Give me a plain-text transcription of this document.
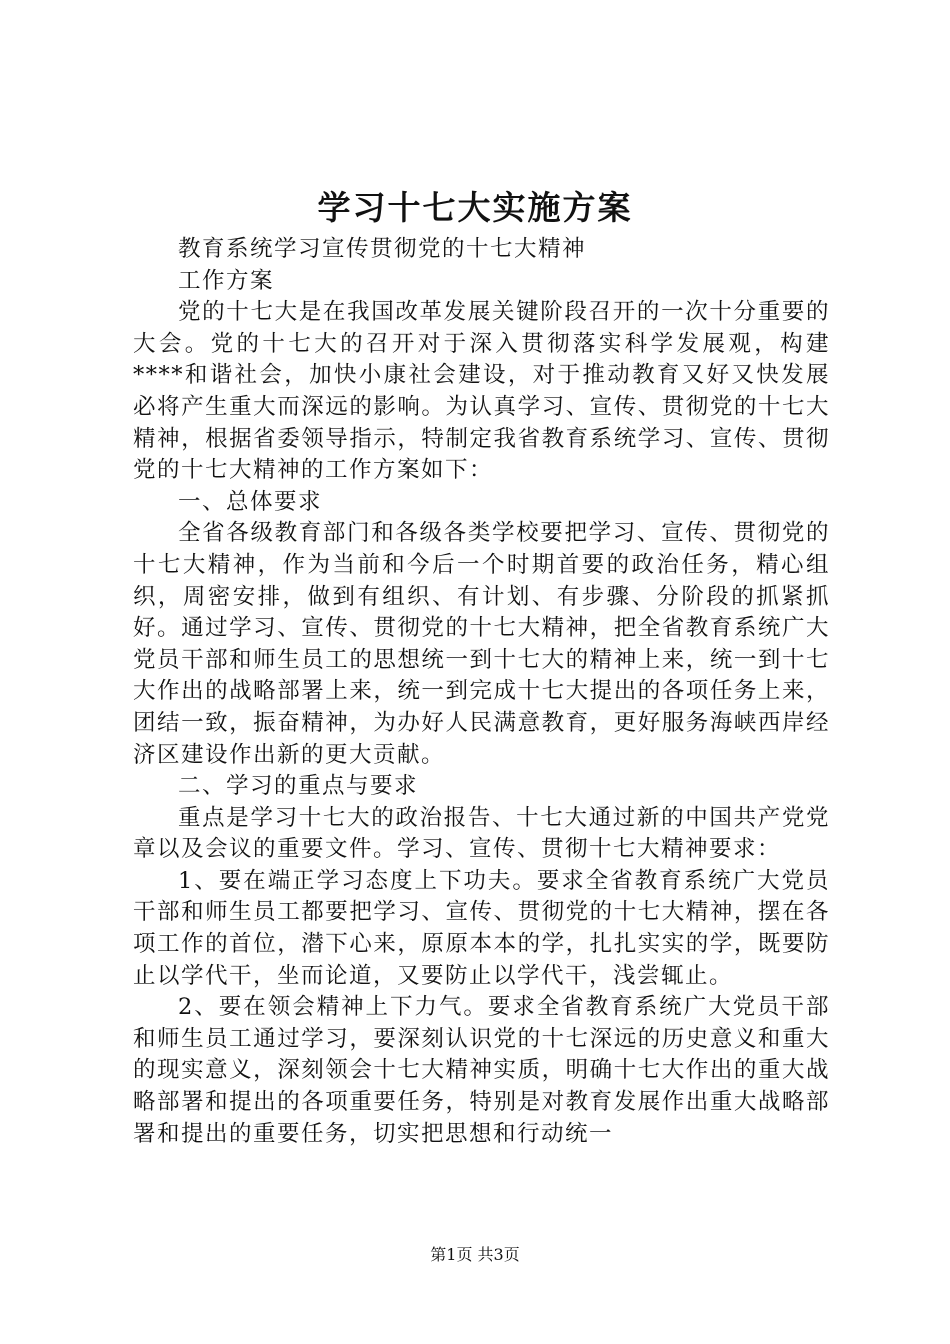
学习十七大实施方案

教育系统学习宣传贯彻党的十七大精神

工作方案

党的十七大是在我国改革发展关键阶段召开的一次十分重要的大会。党的十七大的召开对于深入贯彻落实科学发展观，构建****和谐社会，加快小康社会建设，对于推动教育又好又快发展必将产生重大而深远的影响。为认真学习、宣传、贯彻党的十七大精神，根据省委领导指示，特制定我省教育系统学习、宣传、贯彻党的十七大精神的工作方案如下：

一、总体要求

全省各级教育部门和各级各类学校要把学习、宣传、贯彻党的十七大精神，作为当前和今后一个时期首要的政治任务，精心组织，周密安排，做到有组织、有计划、有步骤、分阶段的抓紧抓好。通过学习、宣传、贯彻党的十七大精神，把全省教育系统广大党员干部和师生员工的思想统一到十七大的精神上来，统一到十七大作出的战略部署上来，统一到完成十七大提出的各项任务上来，团结一致，振奋精神，为办好人民满意教育，更好服务海峡西岸经济区建设作出新的更大贡献。

二、学习的重点与要求

重点是学习十七大的政治报告、十七大通过新的中国共产党党章以及会议的重要文件。学习、宣传、贯彻十七大精神要求：

1、要在端正学习态度上下功夫。要求全省教育系统广大党员干部和师生员工都要把学习、宣传、贯彻党的十七大精神，摆在各项工作的首位，潜下心来，原原本本的学，扎扎实实的学，既要防止以学代干，坐而论道，又要防止以学代干，浅尝辄止。

2、要在领会精神上下力气。要求全省教育系统广大党员干部和师生员工通过学习，要深刻认识党的十七深远的历史意义和重大的现实意义，深刻领会十七大精神实质，明确十七大作出的重大战略部署和提出的各项重要任务，特别是对教育发展作出重大战略部署和提出的重要任务，切实把思想和行动统一

第1页 共3页
